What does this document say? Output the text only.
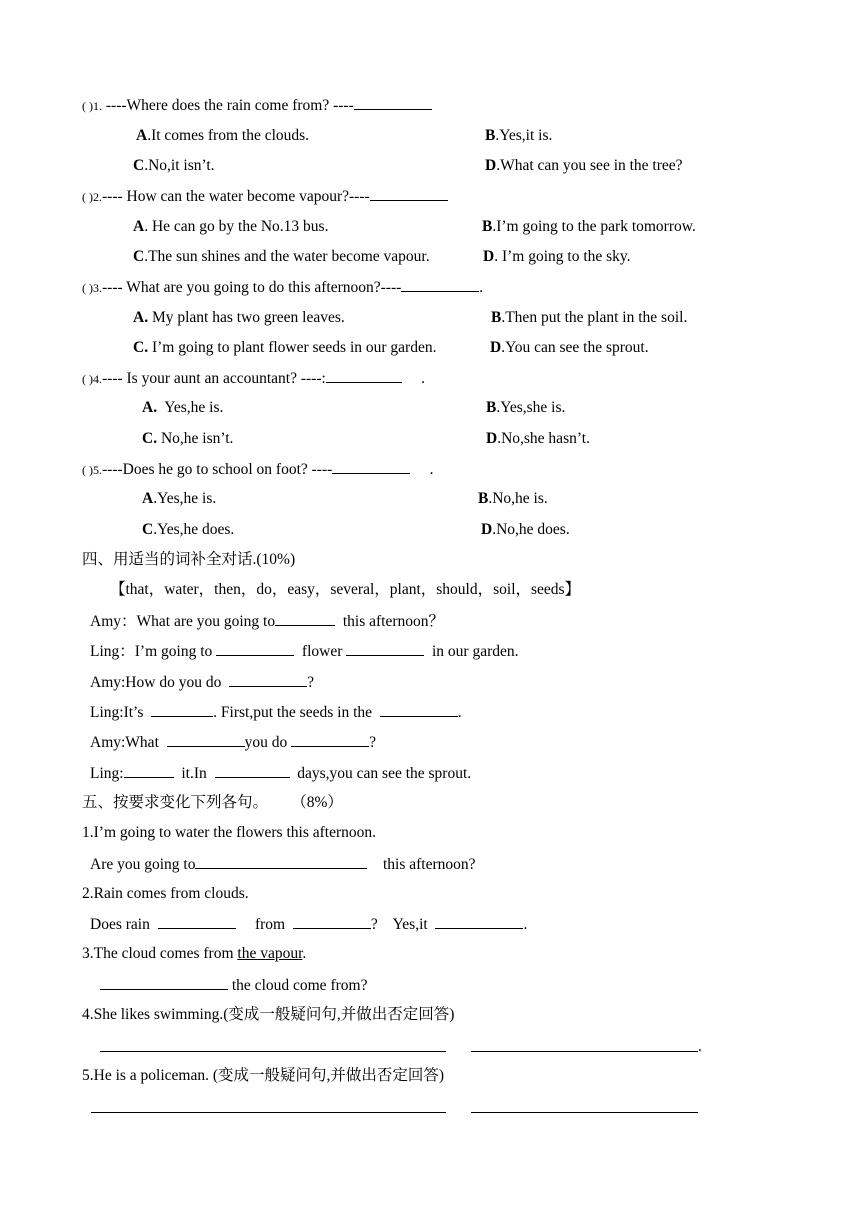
( )1. ----Where does the rain come from? ----
A.It comes from the clouds.	B.Yes,it is.
C.No,it isn’t.	D.What can you see in the tree?
( )2.---- How can the water become vapour?----
A. He can go by the No.13 bus.	B.I’m going to the park tomorrow.
C.The sun shines and the water become vapour.	D. I’m going to the sky.
( )3.---- What are you going to do this afternoon?----	.
A. My plant has two green leaves.	B.Then put the plant in the soil.
C. I’m going to plant flower seeds in our garden.	D.You can see the sprout.
( )4.---- Is your aunt an accountant? ----:	.
A.  Yes,he is.	B.Yes,she is.
C. No,he isn’t.	D.No,she hasn’t.
( )5.----Does he go to school on foot? ----	.
A.Yes,he is.	B.No,he is.
C.Yes,he does.	D.No,he does.
四、用适当的词补全对话.(10%)
【that，water，then，do，easy，several，plant，should，soil，seeds】
Amy：What are you going to	this afternoon？
Ling：I’m going to	flower	in our garden.
Amy:How do you do	?
Ling:It’s	. First,put the seeds in the	.
Amy:What	you do	?
Ling:	it.In	days,you can see the sprout.
五、按要求变化下列各句。      （8%）
1.I’m going to water the flowers this afternoon.
Are you going to	this afternoon?
2.Rain comes from clouds.
Does rain	from	?    Yes,it	.
3.The cloud comes from the vapour.
the cloud come from?
4.She likes swimming.(变成一般疑问句,并做出否定回答)
.
5.He is a policeman. (变成一般疑问句,并做出否定回答)
